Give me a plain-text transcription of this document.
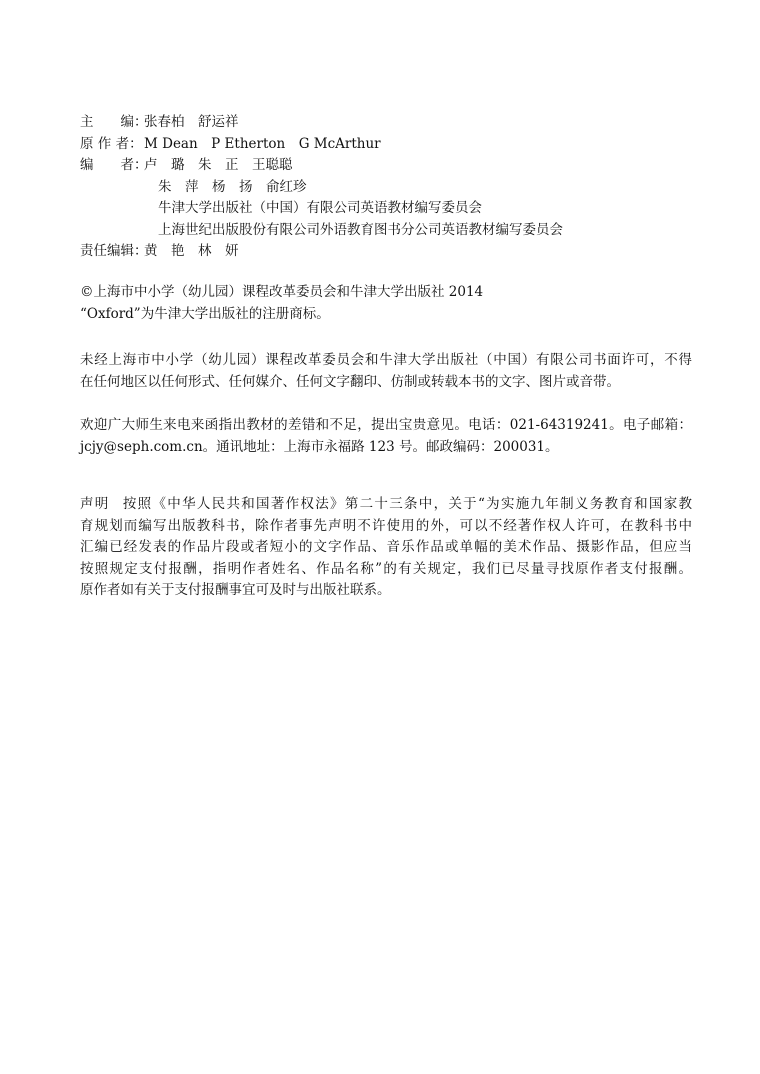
主　　编：
张春柏　舒运祥
原 作 者： M Dean　P Etherton　G McArthur
编　　者：
卢　璐　朱　正　王聪聪
朱　萍　杨　扬　俞红珍
牛津大学出版社（中国）有限公司英语教材编写委员会
上海世纪出版股份有限公司外语教育图书分公司英语教材编写委员会
责任编辑：
黄　艳　林　妍
©上海市中小学（幼儿园）课程改革委员会和牛津大学出版社 2014
“Oxford”为牛津大学出版社的注册商标。
未经上海市中小学（幼儿园）课程改革委员会和牛津大学出版社（中国）有限公司书面许可，不得
在任何地区以任何形式、任何媒介、任何文字翻印、仿制或转载本书的文字、图片或音带。
欢迎广大师生来电来函指出教材的差错和不足，提出宝贵意见。电话：021-64319241。电子邮箱：
jcjy@seph.com.cn。通讯地址：上海市永福路 123 号。邮政编码：200031。
声明 按照《中华人民共和国著作权法》第二十三条中，关于“为实施九年制义务教育和国家教
育规划而编写出版教科书，除作者事先声明不许使用的外，可以不经著作权人许可，在教科书中
汇编已经发表的作品片段或者短小的文字作品、音乐作品或单幅的美术作品、摄影作品，但应当
按照规定支付报酬，指明作者姓名、作品名称”的有关规定，我们已尽量寻找原作者支付报酬。
原作者如有关于支付报酬事宜可及时与出版社联系。
